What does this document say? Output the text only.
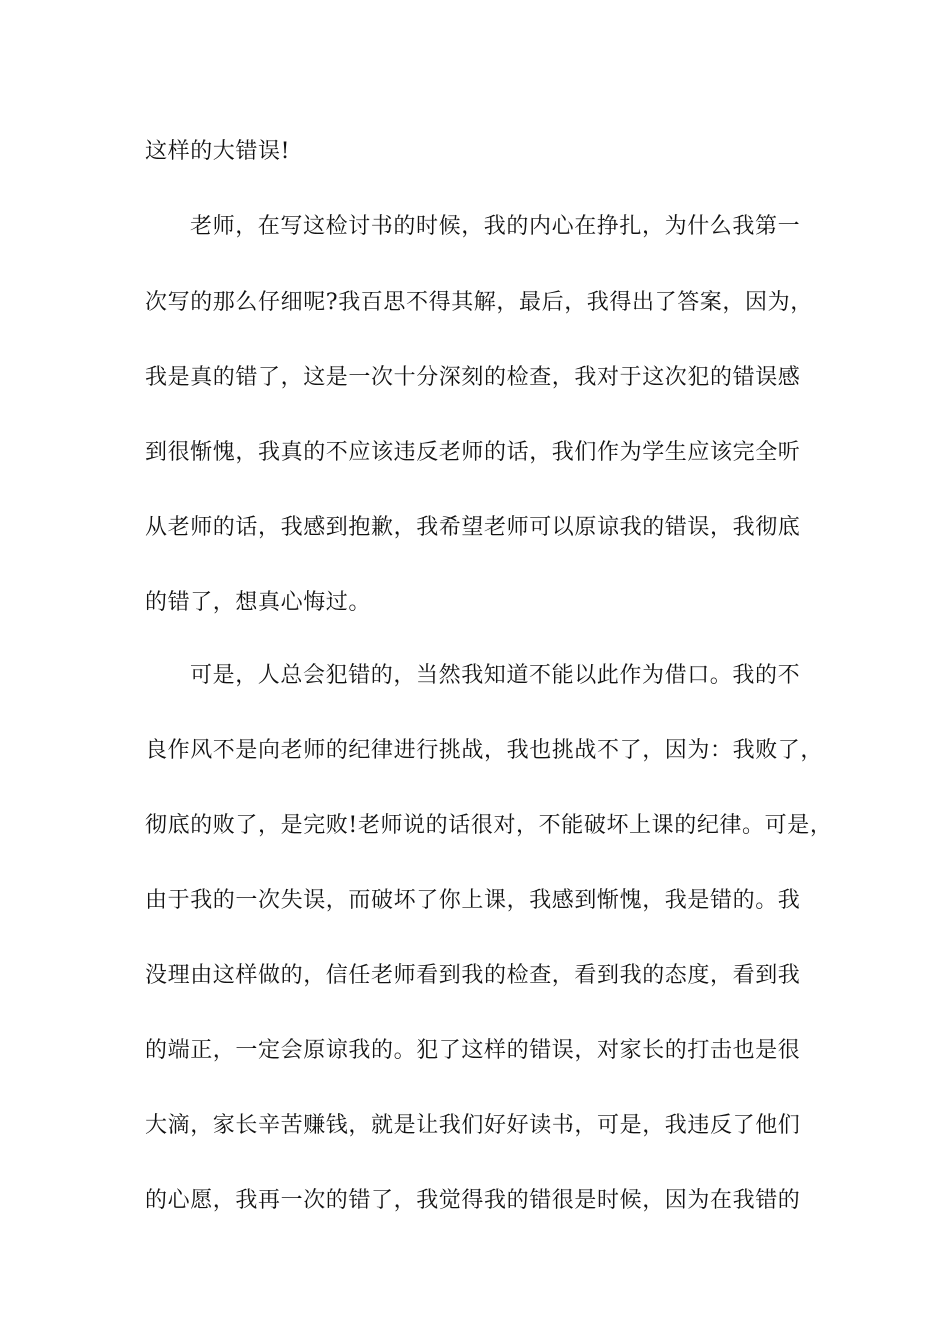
这样的大错误!
老师，在写这检讨书的时候，我的内心在挣扎，为什么我第一
次写的那么仔细呢?我百思不得其解，最后，我得出了答案，因为，
我是真的错了，这是一次十分深刻的检查，我对于这次犯的错误感
到很惭愧，我真的不应该违反老师的话，我们作为学生应该完全听
从老师的话，我感到抱歉，我希望老师可以原谅我的错误，我彻底
的错了，想真心悔过。
可是，人总会犯错的，当然我知道不能以此作为借口。我的不
良作风不是向老师的纪律进行挑战，我也挑战不了，因为：我败了，
彻底的败了，是完败!老师说的话很对，不能破坏上课的纪律。可是，
由于我的一次失误，而破坏了你上课，我感到惭愧，我是错的。我
没理由这样做的，信任老师看到我的检查，看到我的态度，看到我
的端正，一定会原谅我的。犯了这样的错误，对家长的打击也是很
大滴，家长辛苦赚钱，就是让我们好好读书，可是，我违反了他们
的心愿，我再一次的错了，我觉得我的错很是时候，因为在我错的
